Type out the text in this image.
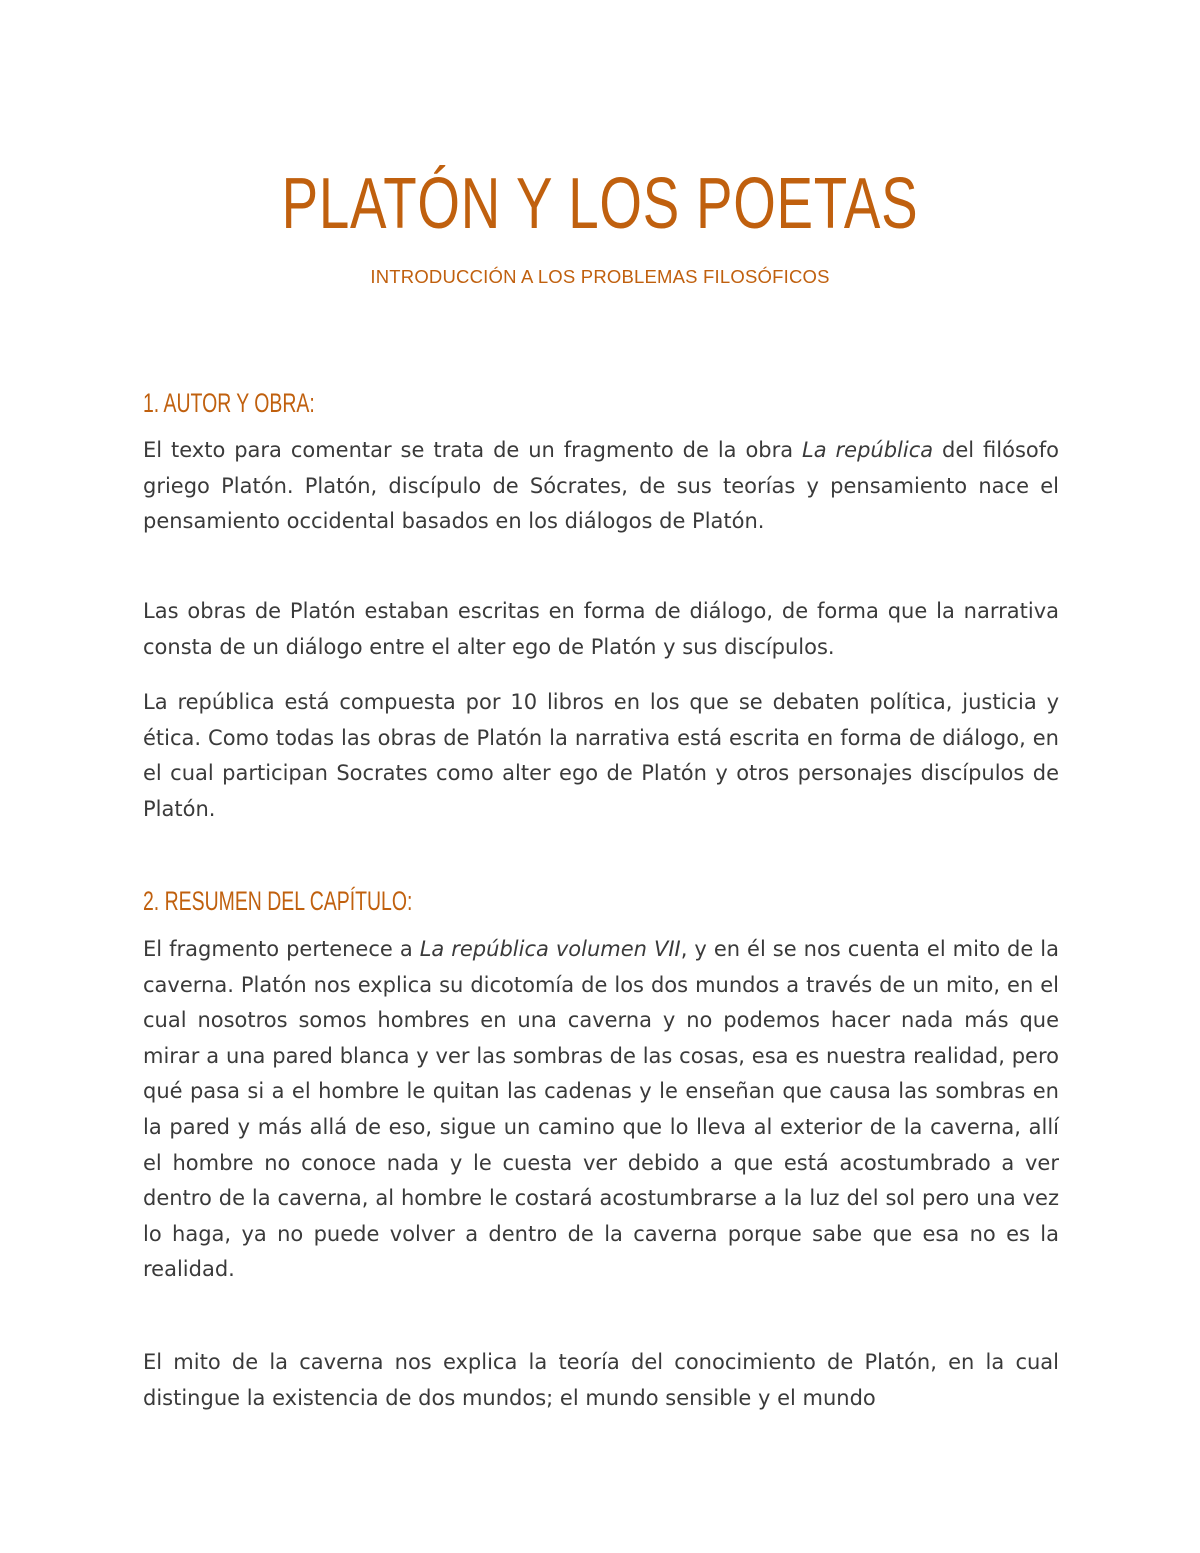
PLATÓN Y LOS POETAS
INTRODUCCIÓN A LOS PROBLEMAS FILOSÓFICOS
1. AUTOR Y OBRA:

El texto para comentar se trata de un fragmento de la obra La república del filósofo griego Platón. Platón, discípulo de Sócrates, de sus teorías y pensamiento nace el pensamiento occidental basados en los diálogos de Platón.

Las obras de Platón estaban escritas en forma de diálogo, de forma que la narrativa consta de un diálogo entre el alter ego de Platón y sus discípulos.

La república está compuesta por 10 libros en los que se debaten política, justicia y ética. Como todas las obras de Platón la narrativa está escrita en forma de diálogo, en el cual participan Socrates como alter ego de Platón y otros personajes discípulos de Platón.

2. RESUMEN DEL CAPÍTULO:

El fragmento pertenece a La república volumen VII, y en él se nos cuenta el mito de la caverna. Platón nos explica su dicotomía de los dos mundos a través de un mito, en el cual nosotros somos hombres en una caverna y no podemos hacer nada más que mirar a una pared blanca y ver las sombras de las cosas, esa es nuestra realidad, pero qué pasa si a el hombre le quitan las cadenas y le enseñan que causa las sombras en la pared y más allá de eso, sigue un camino que lo lleva al exterior de la caverna, allí el hombre no conoce nada y le cuesta ver debido a que está acostumbrado a ver dentro de la caverna, al hombre le costará acostumbrarse a la luz del sol pero una vez lo haga, ya no puede volver a dentro de la caverna porque sabe que esa no es la realidad.

El mito de la caverna nos explica la teoría del conocimiento de Platón, en la cual distingue la existencia de dos mundos; el mundo sensible y el mundo
